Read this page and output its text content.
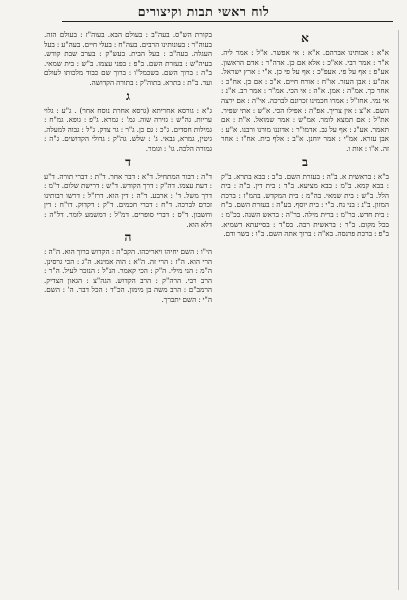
לוח ראשי תבות וקיצורים
א

א"א : אבותינו אברהם. א"א : אי אפשר. א"ל : אמר ליה. א"ר : אמר רבי. אא"כ : אלא אם כן. אדה"ר : אדם הראשון. אע"פ : אף על פי. אעפ"כ : אף על פי כן. א"י : ארץ ישראל. אה"ע : אבן העזר. או"ח : אורח חיים. א"כ : אם כן. אח"כ : אחר כך. אמ"ה : אמן. א"ה : אי הכי. אמ"ר : אמר רב. א"נ : אי נמי. אחז"ל : אמרו חכמינו זכרונם לברכה. אי"ה : אם ירצה השם. א"צ : אין צריך. אפ"ה : אפילו הכי. א"ש : אתי שפיר. את"ל : אם תמצא לומר. אמ"ש : אמר שמואל. א"ת : אם תאמר. אע"ג : אף על גב. אדמו"ר : אדוננו מורנו ורבנו. א"ע : אבן עזרא. אמ"י : אמר יוחנן. א"ב : אלף בית. אח"ז : אחר זה. א"ו : אות ו.

ב

ב"א : בראשית א. ב"ה : בעזרת השם. ב"ב : בבא בתרא. ב"ק : בבא קמא. ב"מ : בבא מציעא. ב"ד : בית דין. ב"ה : בית הלל. ב"ש : בית שמאי. בה"מ : בית המקדש. בהמ"ז : ברכת המזון. ב"נ : בני נח. ב"י : בית יוסף. בע"ה : בעזרת השם. ב"ח : בית חדש. בר"מ : ברית מילה. בר"ה : בראש השנה. בכ"מ : בכל מקום. ב"ר : בראשית רבה. בס"ד : בסייעתא דשמיא. ב"פ : ברכת פרנסה. בא"ה : ברוך אתה השם. ב"ו : בשר ודם.

בקורת הש"ס. בעה"ב : בעולם הבא. בעוה"ז : בעולם הזה. בעוה"ר : בעונותינו הרבים. בעה"ח : בעלי חיים. בעה"ע : בעל העגלה. בעה"ב : בעל הבית. בעש"ק : בערב שבת קודש. בעיה"ש : בעזרת השם. ב"פ : בפני עצמו. ב"ש : בית שמאי. ב"ה : ברוך השם. בשכמל"ו : ברוך שם כבוד מלכותו לעולם ועד. ב"ת : בתרא. בתוה"ק : בתורה הקדושה.

ג

ג"א : גורסא אחריתא (גרסא אחרת נוסח אחר) . ג"ע : גלוי עריות. גה"ש : גזירה שוה. גמ' : גמרא. ג"פ : גופא. גמ"ח : גמילות חסדים. ג"כ : גם כן. ג"ר : גר צדק. ג"ל : גבוה למעלה. גיטין, גמרא, גבאי. ג' : שלש. גה"ק : גדולי הקדושים. ג"ה : גמורה הלכה. גו' : וגומר.

ד

ד"ה : דבור המתחיל. ד"א : דבר אחר. ד"ת : דברי תורה. ד"ע : דעת עצמו. דה"ק : דרך הקודש. ד"ש : דרישת שלום. ד"מ : דרך משל. ד' : ארבע. ד"ה : דין הוא. דרז"ל : דרשו רבותינו זכרם לברכה. ד"ח : דברי חכמים. ד"ק : דקדוק. דו"ח : דין וחשבון. ד"ס : דברי סופרים. דמ"ל : דמשמע לומר. דל"ה : דלא הוא.

ה

הי"ו : השם יחיהו ויאריכהו. הקב"ה : הקדוש ברוך הוא. ה"ה : הרי הוא. ה"ז : הרי זה. ה"א : הוה אמינא. ה"ג : הכי גרסינן. ה"מ : הני מילי. ה"ק : הכי קאמר. הנ"ל : הנזכר לעיל. ה"ר : הרב רבי. הרה"ק : הרב הקדוש. הגה"צ : הגאון הצדיק. הרמב"ם : הרב משה בן מימון. הכ"ד : הכל דבר. ה' : השם. ה"י : השם יתברך.
